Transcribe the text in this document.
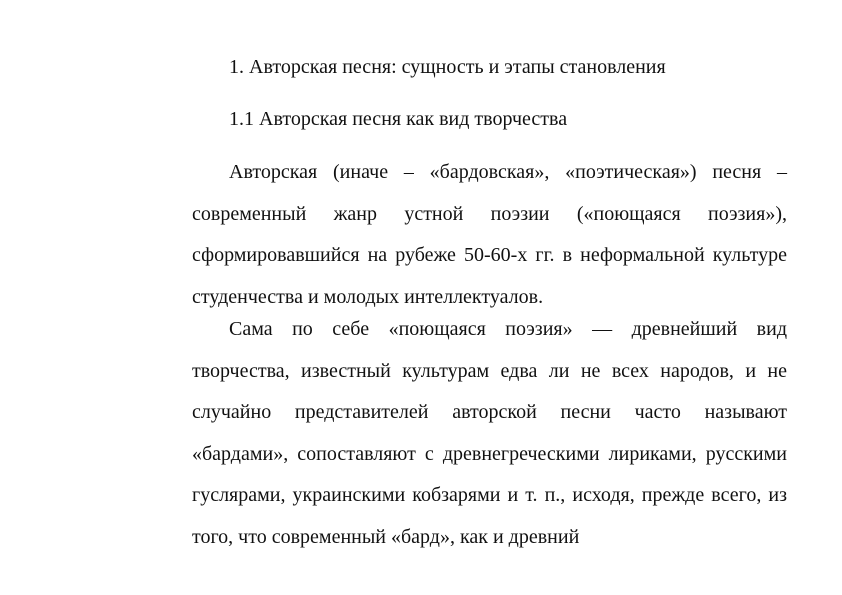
1. Авторская песня: сущность и этапы становления
1.1 Авторская песня как вид творчества

Авторская (иначе – «бардовская», «поэтическая») песня – современный жанр устной поэзии («поющаяся поэзия»), сформировавшийся на рубеже 50-60-х гг. в неформальной культуре студенчества и молодых интеллектуалов.

Сама по себе «поющаяся поэзия» — древнейший вид творчества, известный культурам едва ли не всех народов, и не случайно представителей авторской песни часто называют «бардами», сопоставляют с древнегреческими лириками, русскими гуслярами, украинскими кобзарями и т. п., исходя, прежде всего, из того, что современный «бард», как и древний
